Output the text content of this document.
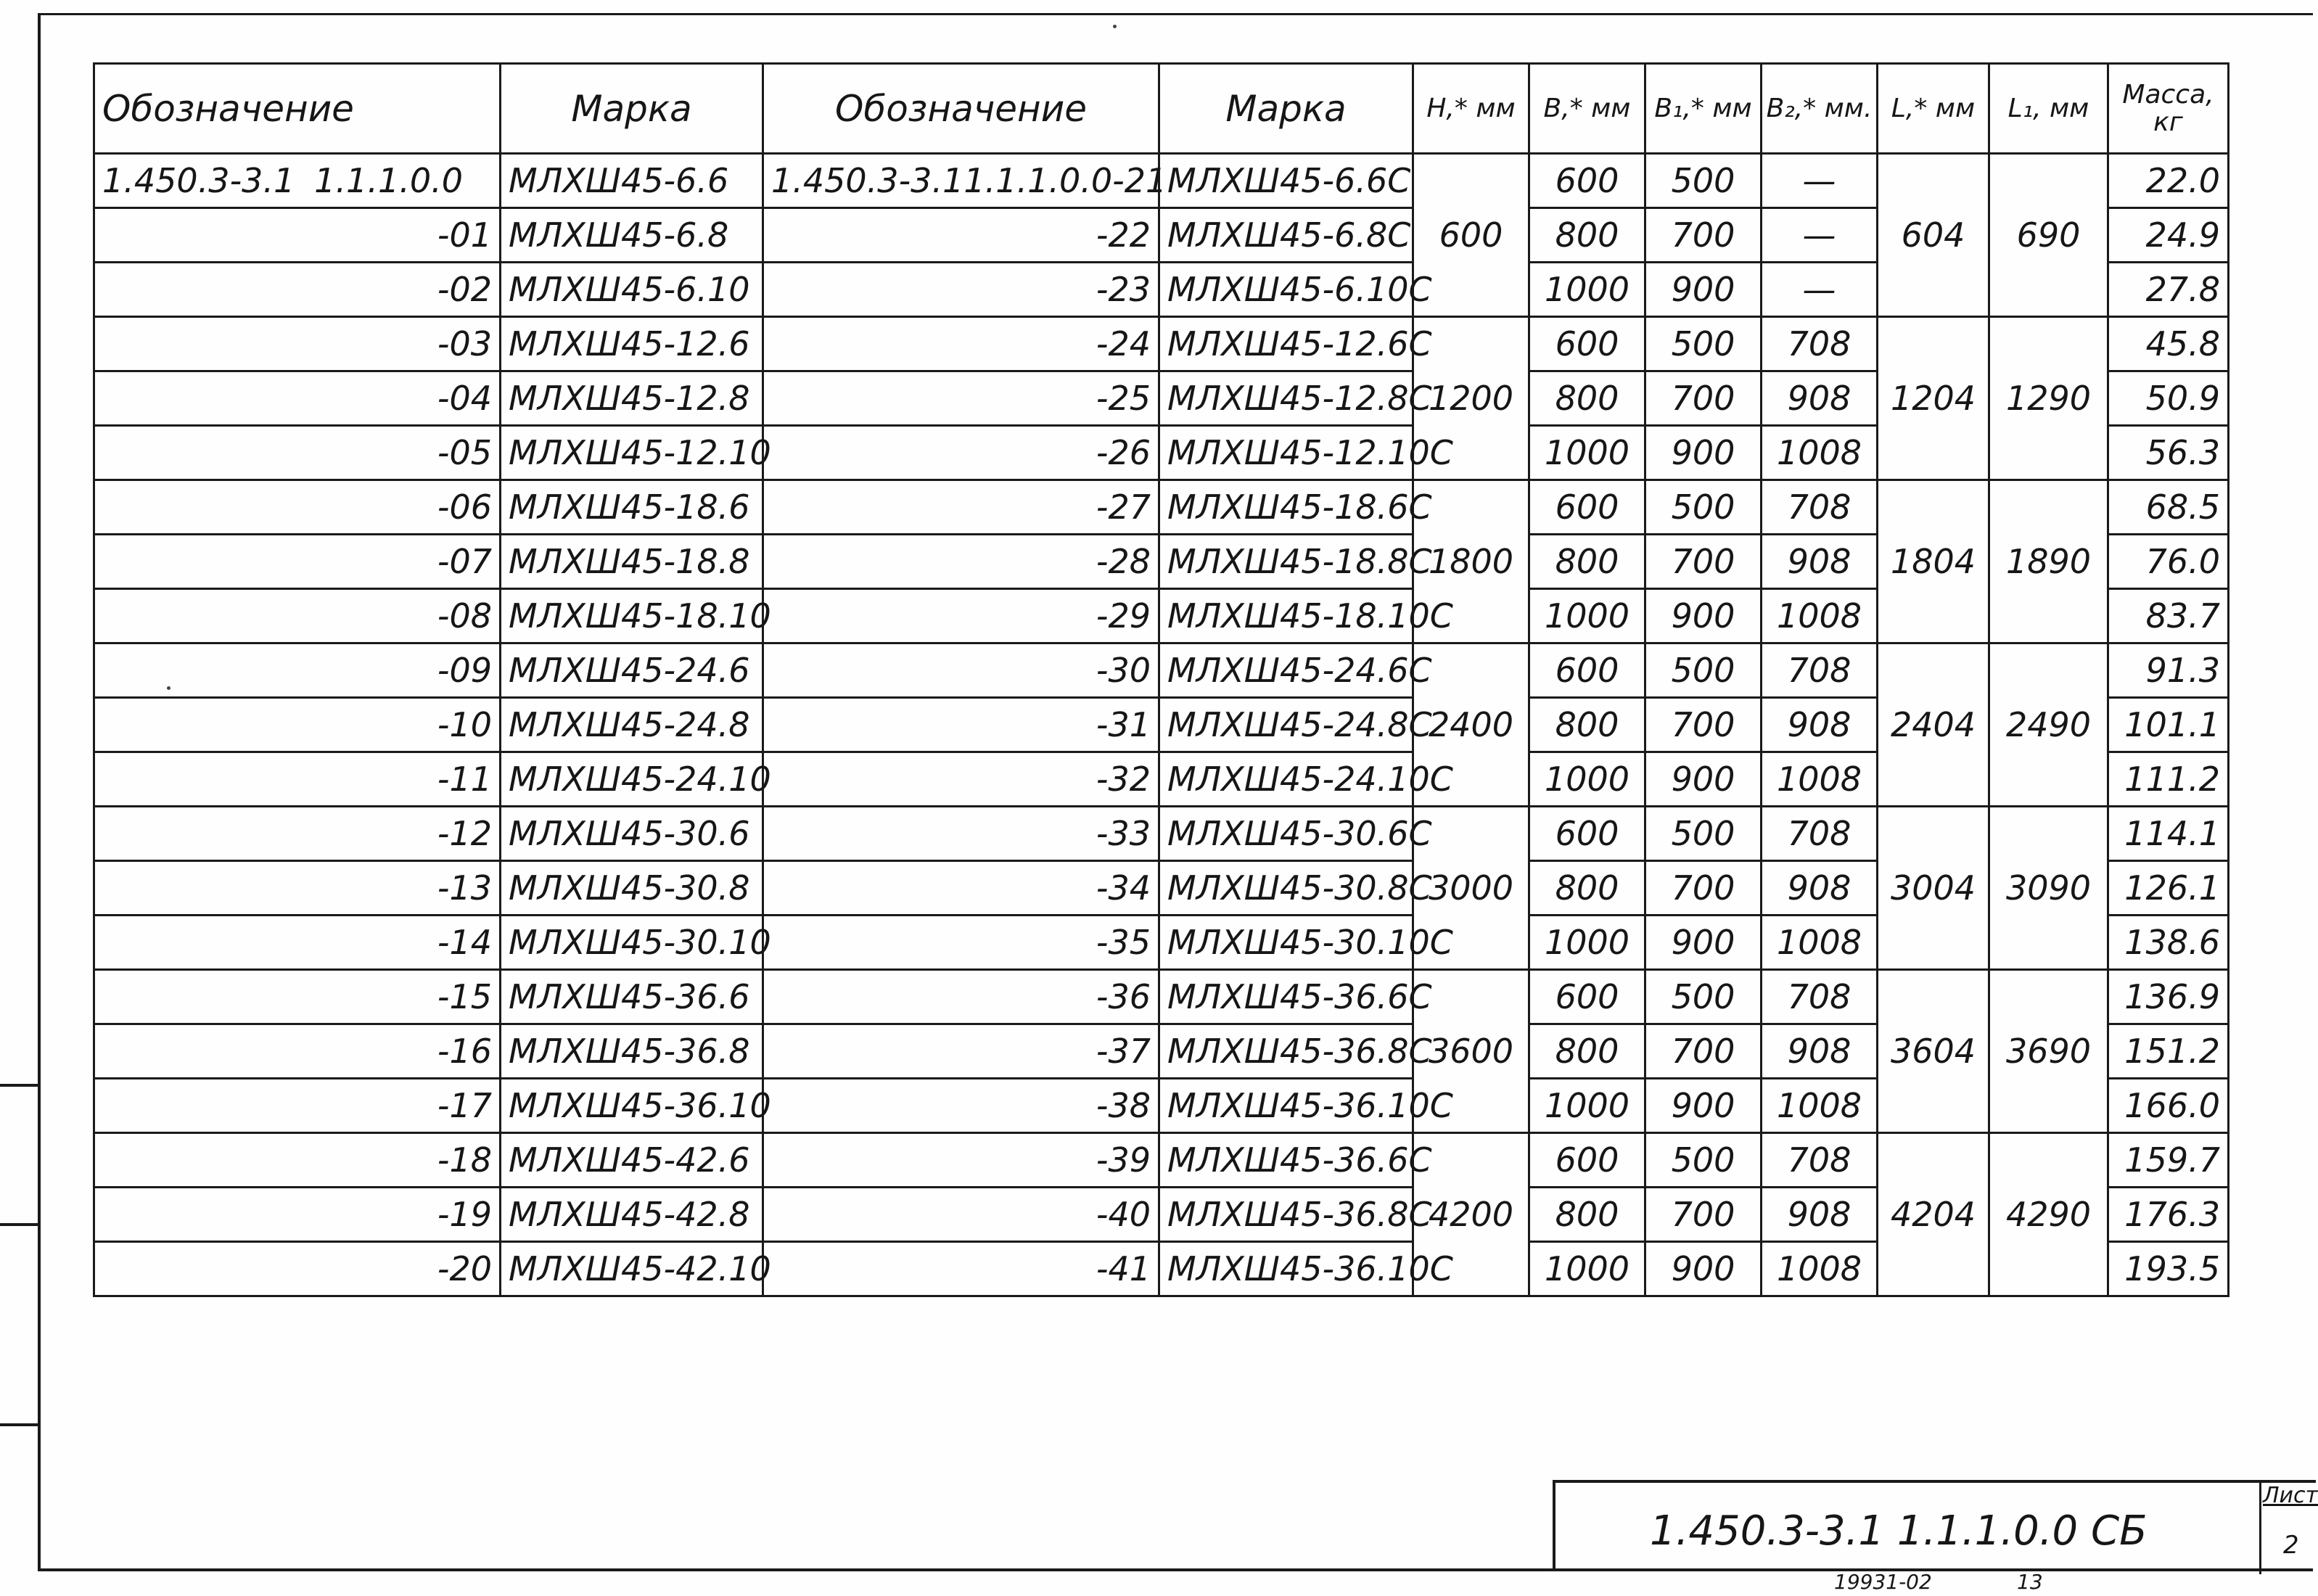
Обозначение	Марка	Обозначение	Марка	H,* мм	B,* мм	B₁,* мм	B₂,* мм.	L,* мм	L₁, мм	Масса, кг

1.450.3-3.1 1.1.1.0.0	МЛХШ45-6.6	1.450.3-3.1 1.1.1.0.0-21	МЛХШ45-6.6С	600	600	500	—	604	690	22.0
-01	МЛХШ45-6.8	-22	МЛХШ45-6.8С		800	700	—			24.9
-02	МЛХШ45-6.10	-23	МЛХШ45-6.10С		1000	900	—			27.8
-03	МЛХШ45-12.6	-24	МЛХШ45-12.6С	1200	600	500	708	1204	1290	45.8
-04	МЛХШ45-12.8	-25	МЛХШ45-12.8С		800	700	908			50.9
-05	МЛХШ45-12.10	-26	МЛХШ45-12.10С		1000	900	1008			56.3
-06	МЛХШ45-18.6	-27	МЛХШ45-18.6С	1800	600	500	708	1804	1890	68.5
-07	МЛХШ45-18.8	-28	МЛХШ45-18.8С		800	700	908			76.0
-08	МЛХШ45-18.10	-29	МЛХШ45-18.10С		1000	900	1008			83.7
-09	МЛХШ45-24.6	-30	МЛХШ45-24.6С	2400	600	500	708	2404	2490	91.3
-10	МЛХШ45-24.8	-31	МЛХШ45-24.8С		800	700	908			101.1
-11	МЛХШ45-24.10	-32	МЛХШ45-24.10С		1000	900	1008			111.2
-12	МЛХШ45-30.6	-33	МЛХШ45-30.6С	3000	600	500	708	3004	3090	114.1
-13	МЛХШ45-30.8	-34	МЛХШ45-30.8С		800	700	908			126.1
-14	МЛХШ45-30.10	-35	МЛХШ45-30.10С		1000	900	1008			138.6
-15	МЛХШ45-36.6	-36	МЛХШ45-36.6С	3600	600	500	708	3604	3690	136.9
-16	МЛХШ45-36.8	-37	МЛХШ45-36.8С		800	700	908			151.2
-17	МЛХШ45-36.10	-38	МЛХШ45-36.10С		1000	900	1008			166.0
-18	МЛХШ45-42.6	-39	МЛХШ45-36.6С	4200	600	500	708	4204	4290	159.7
-19	МЛХШ45-42.8	-40	МЛХШ45-36.8С		800	700	908			176.3
-20	МЛХШ45-42.10	-41	МЛХШ45-36.10С		1000	900	1008			193.5
1.450.3-3.1 1.1.1.0.0 СБ
Лист
2
19931-02	13
